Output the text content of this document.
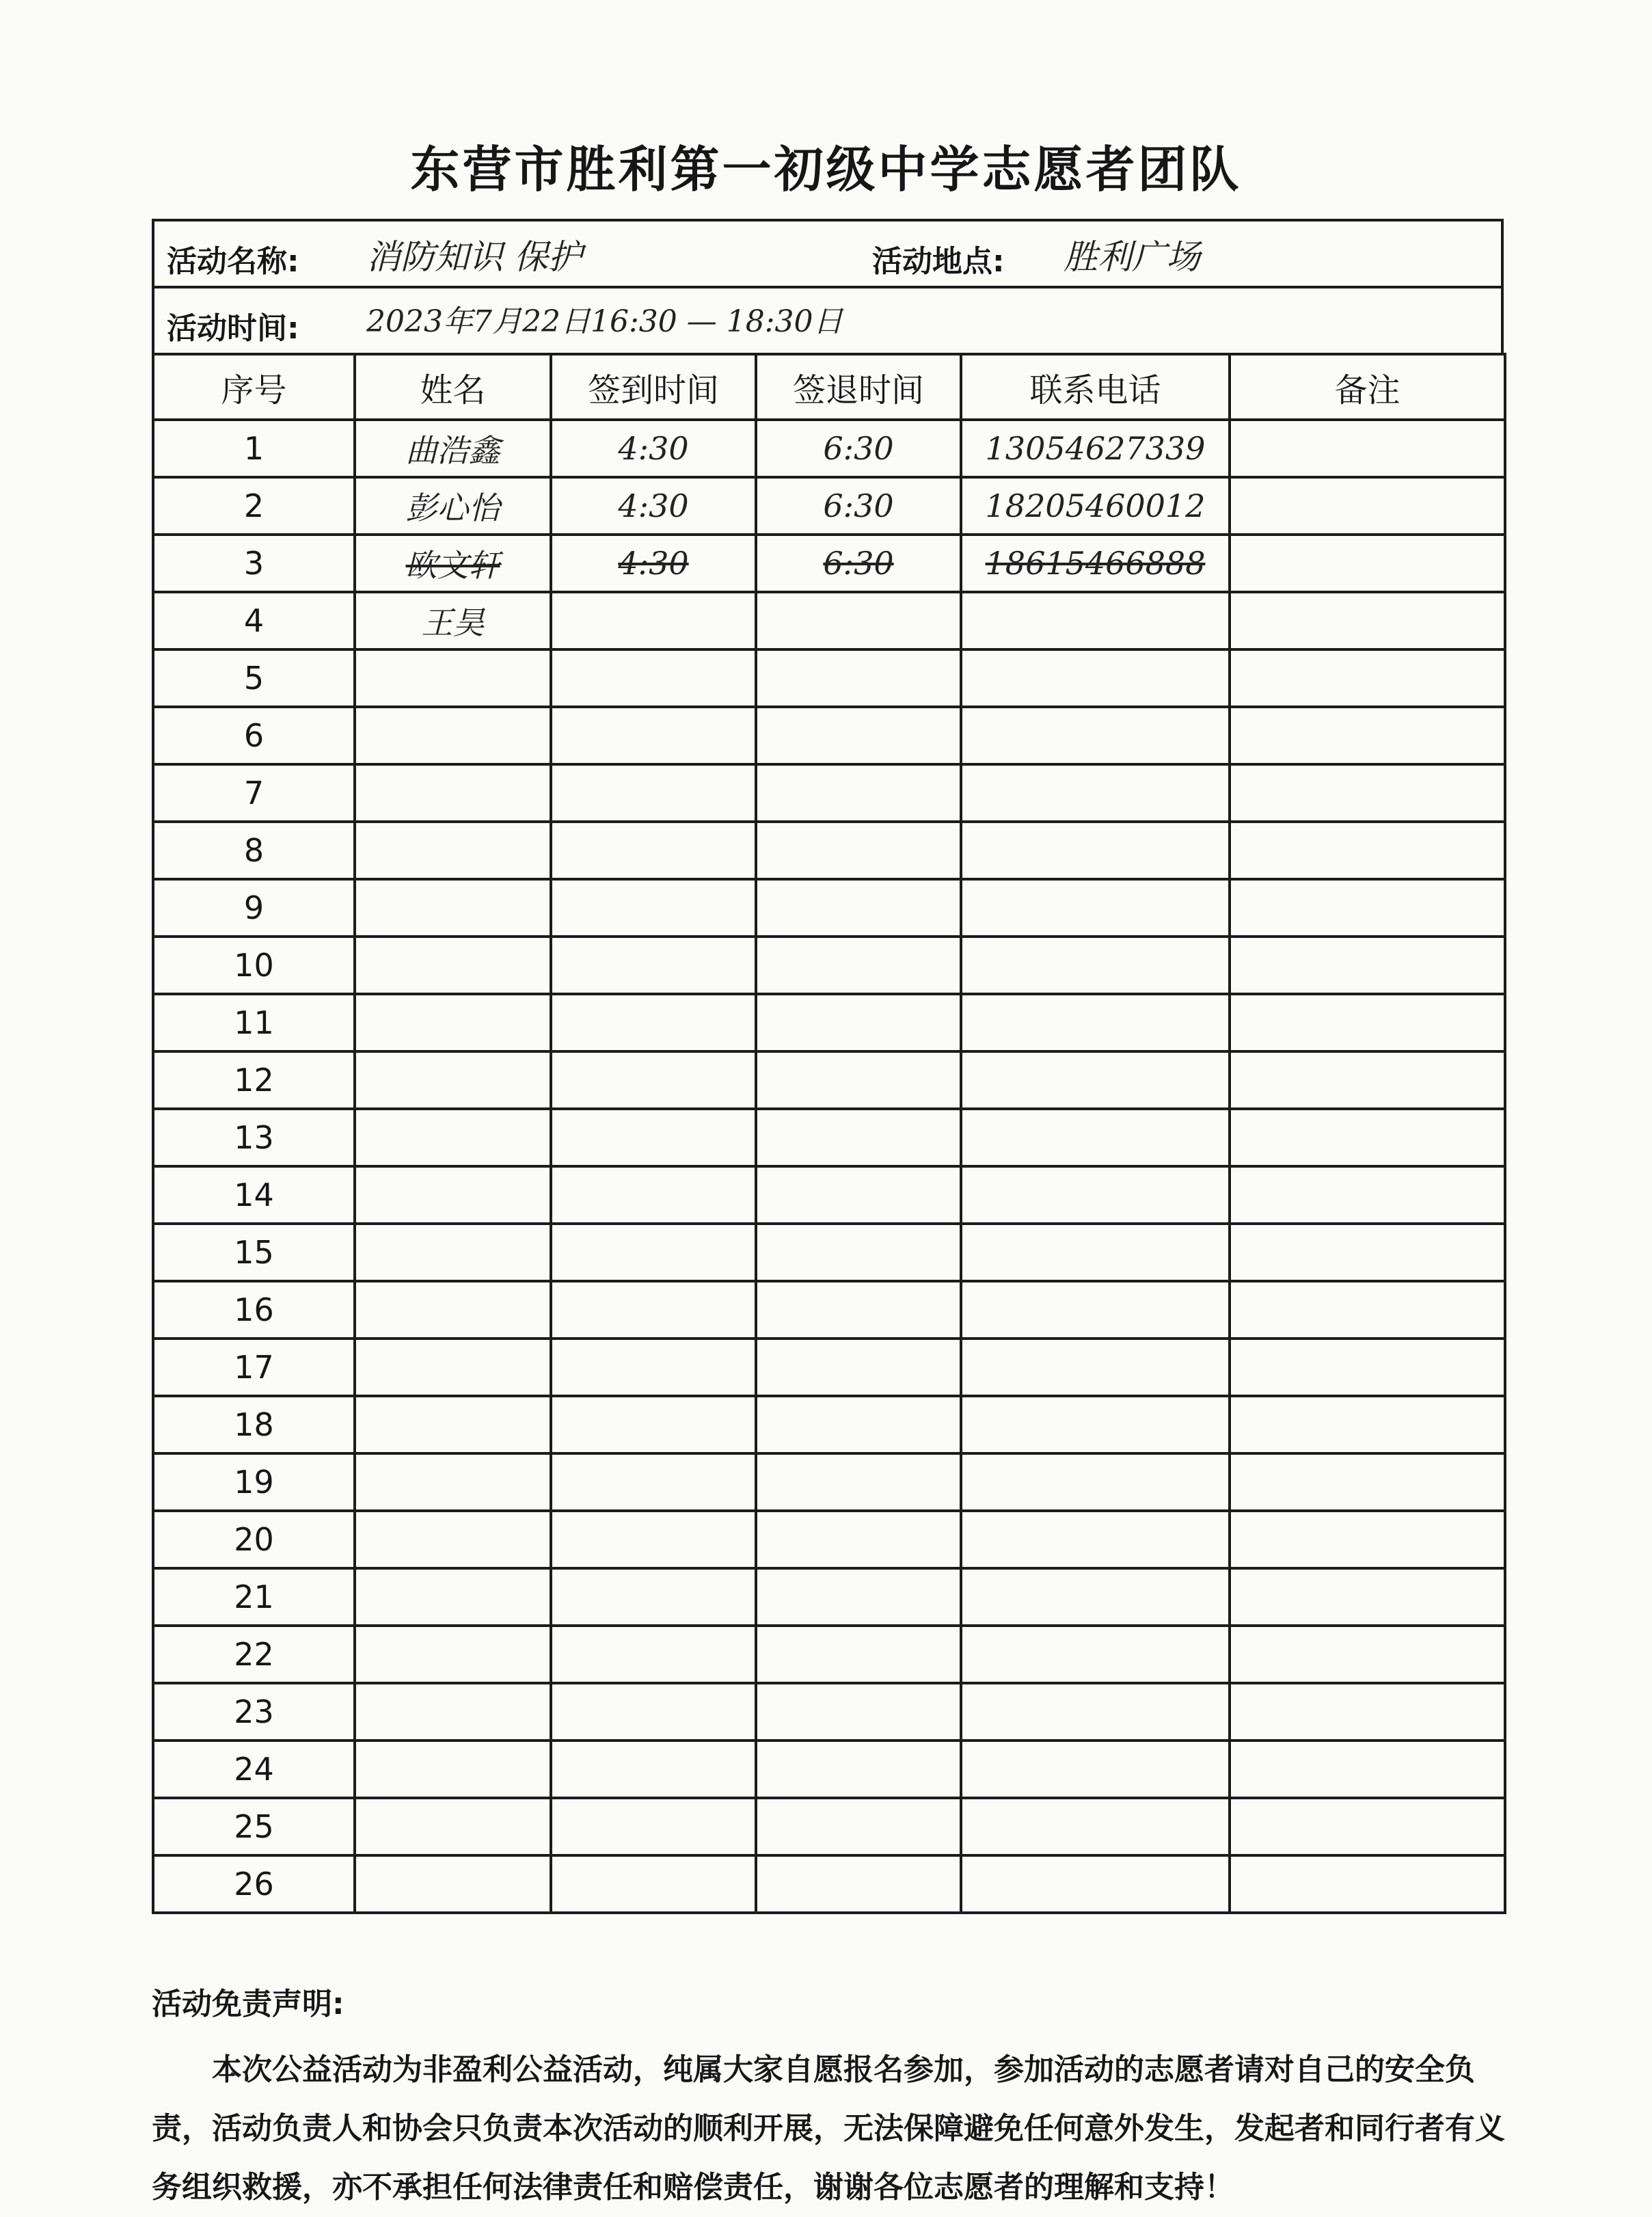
东营市胜利第一初级中学志愿者团队
活动名称: 消防知识 保护	活动地点: 胜利广场
活动时间: 2023年7月22日16:30 — 18:30日
序号	姓名	签到时间	签退时间	联系电话	备注
1	曲浩鑫	4:30	6:30	13054627339	
2	彭心怡	4:30	6:30	18205460012	
3	欧文轩	4:30	6:30	18615466888	
4	王昊				
5					
6					
7					
8					
9					
10					
11					
12					
13					
14					
15					
16					
17					
18					
19					
20					
21					
22					
23					
24					
25					
26					
活动免责声明:
本次公益活动为非盈利公益活动，纯属大家自愿报名参加，参加活动的志愿者请对自己的安全负责，活动负责人和协会只负责本次活动的顺利开展，无法保障避免任何意外发生，发起者和同行者有义务组织救援，亦不承担任何法律责任和赔偿责任，谢谢各位志愿者的理解和支持！
